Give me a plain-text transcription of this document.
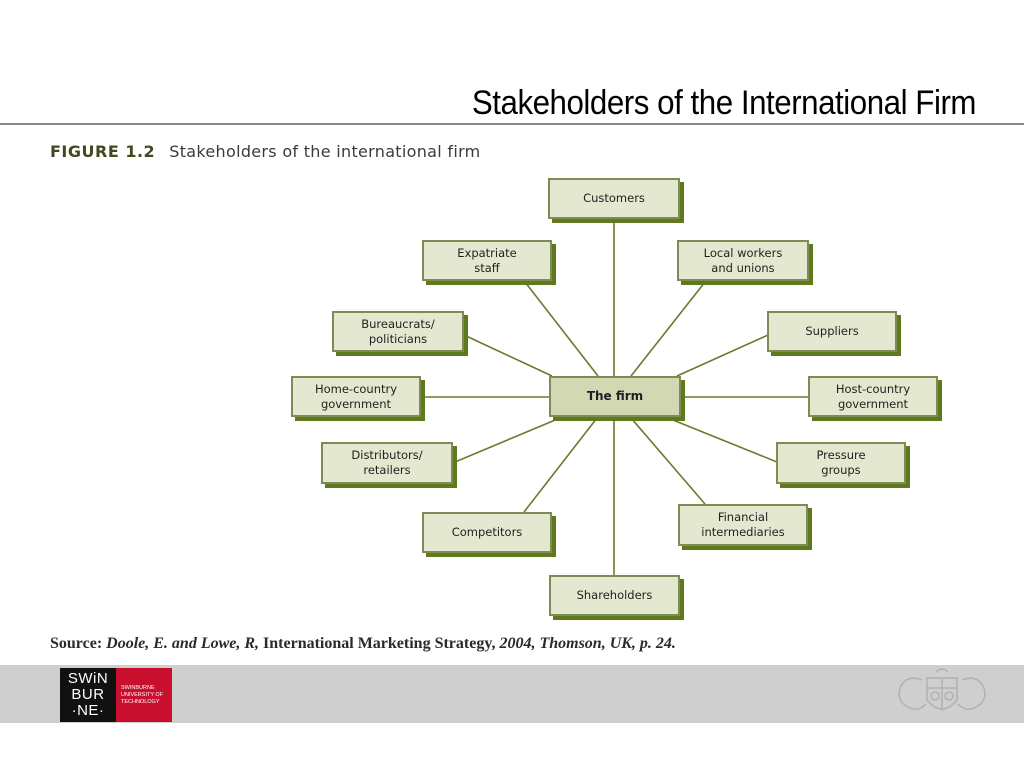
Stakeholders of the International Firm
FIGURE 1.2 Stakeholders of the international firm
Customers
Expatriate
staff
Local workers
and unions
Bureaucrats/
politicians
Suppliers
Home-country
government
The firm
Host-country
government
Distributors/
retailers
Pressure
groups
Competitors
Financial
intermediaries
Shareholders
Source: Doole, E. and Lowe, R, International Marketing Strategy, 2004, Thomson, UK, p. 24.
SWiN
BUR
·NE·
SWINBURNE
UNIVERSITY OF
TECHNOLOGY
